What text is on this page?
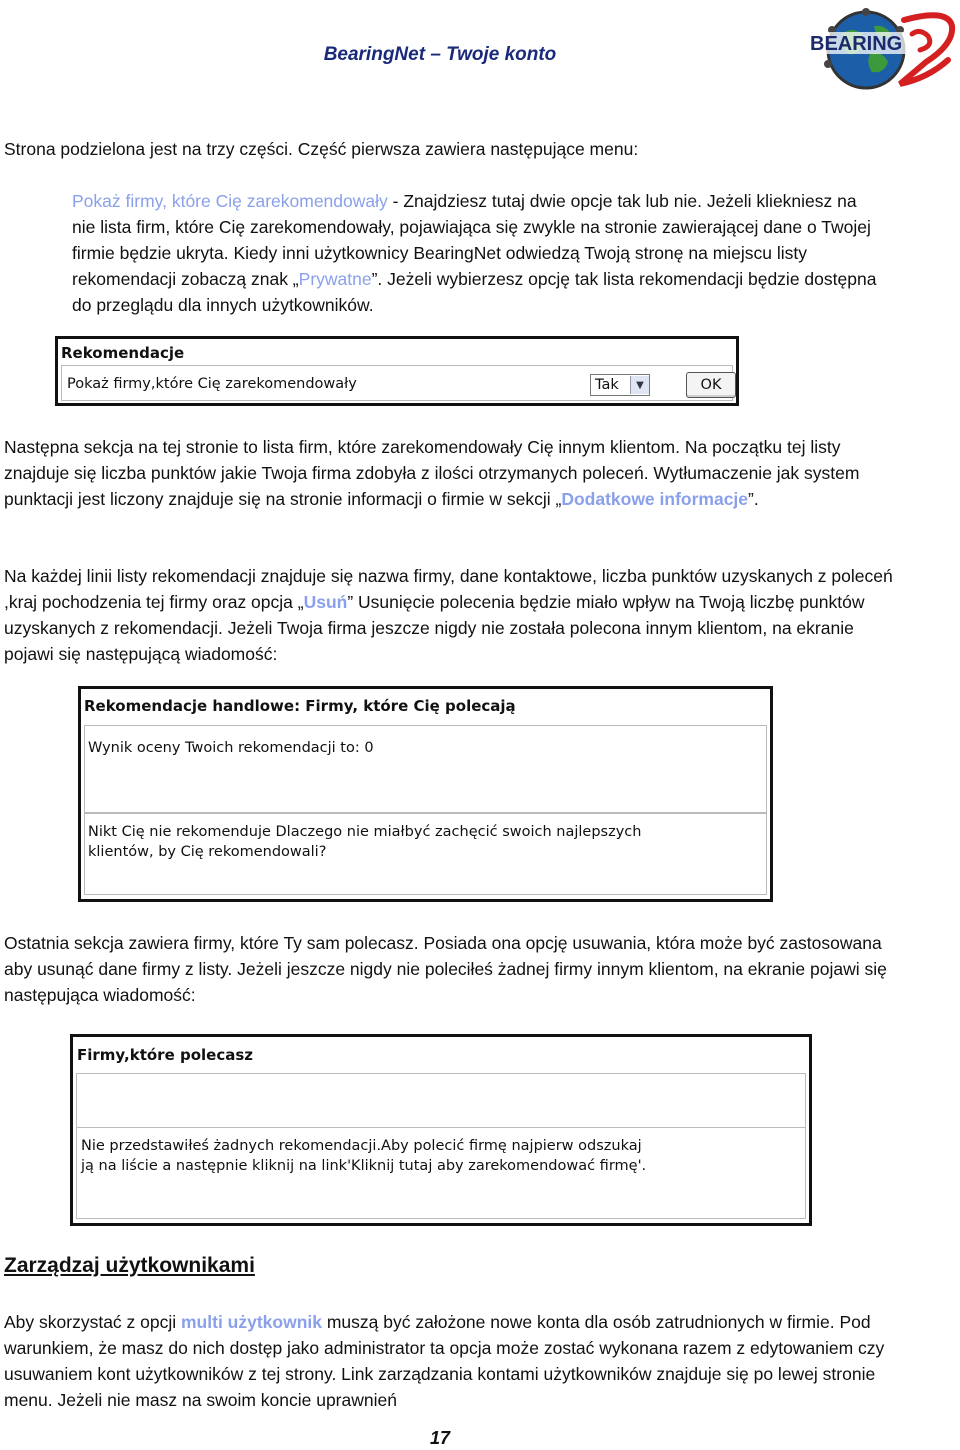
BearingNet – Twoje konto	BEARING
Strona podzielona jest na trzy części. Część pierwsza zawiera następujące menu:
Pokaż firmy, które Cię zarekomendowały - Znajdziesz tutaj dwie opcje tak lub nie. Jeżeli kliekniesz na nie lista firm, które Cię zarekomendowały, pojawiająca się zwykle na stronie zawierającej dane o Twojej firmie będzie ukryta. Kiedy inni użytkownicy BearingNet odwiedzą Twoją stronę na miejscu listy rekomendacji zobaczą znak „Prywatne”. Jeżeli wybierzesz opcję tak lista rekomendacji będzie dostępna do przeglądu dla innych użytkowników.
Rekomendacje
Pokaż firmy,które Cię zarekomendowały	Tak	▼	OK
Następna sekcja na tej stronie to lista firm, które zarekomendowały Cię innym klientom. Na początku tej listy znajduje się liczba punktów jakie Twoja firma zdobyła z ilości otrzymanych poleceń. Wytłumaczenie jak system punktacji jest liczony znajduje się na stronie informacji o firmie w sekcji „Dodatkowe informacje”.
Na każdej linii listy rekomendacji znajduje się nazwa firmy, dane kontaktowe, liczba punktów uzyskanych z poleceń ,kraj pochodzenia tej firmy oraz opcja „Usuń” Usunięcie polecenia będzie miało wpływ na Twoją liczbę punktów uzyskanych z rekomendacji. Jeżeli Twoja firma jeszcze nigdy nie została polecona innym klientom, na ekranie pojawi się następującą wiadomość:
Rekomendacje handlowe: Firmy, które Cię polecają
Wynik oceny Twoich rekomendacji to: 0
Nikt Cię nie rekomenduje Dlaczego nie miałbyć zachęcić swoich najlepszych
klientów, by Cię rekomendowali?
Ostatnia sekcja zawiera firmy, które Ty sam polecasz. Posiada ona opcję usuwania, która może być zastosowana aby usunąć dane firmy z listy. Jeżeli jeszcze nigdy nie poleciłeś żadnej firmy innym klientom, na ekranie pojawi się następująca wiadomość:
Firmy,które polecasz
Nie przedstawiłeś żadnych rekomendacji.Aby polecić firmę najpierw odszukaj
ją na liście a następnie kliknij na link'Kliknij tutaj aby zarekomendować firmę'.
Zarządzaj użytkownikami
Aby skorzystać z opcji multi użytkownik muszą być założone nowe konta dla osób zatrudnionych w firmie. Pod warunkiem, że masz do nich dostęp jako administrator ta opcja może zostać wykonana razem z edytowaniem czy usuwaniem kont użytkowników z tej strony. Link zarządzania kontami użytkowników znajduje się po lewej stronie menu. Jeżeli nie masz na swoim koncie uprawnień
17
